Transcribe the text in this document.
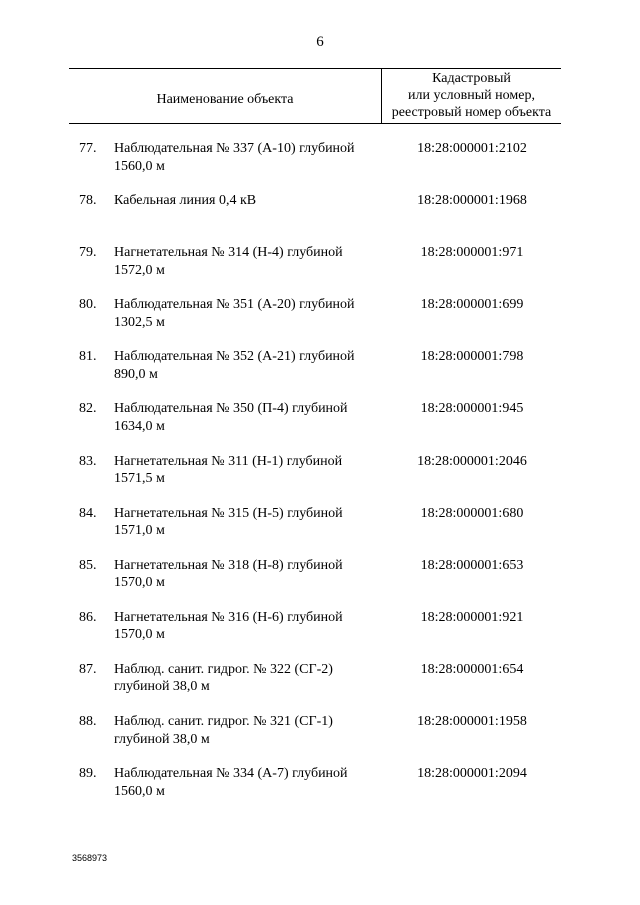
6
Наименование объекта
Кадастровый
или условный номер,
реестровый номер объекта
77. Наблюдательная № 337 (А-10) глубиной 1560,0 м
18:28:000001:2102
78. Кабельная линия 0,4 кВ	18:28:000001:1968
79. Нагнетательная № 314 (Н-4) глубиной 1572,0 м
18:28:000001:971
80. Наблюдательная № 351 (А-20) глубиной 1302,5 м
18:28:000001:699
81. Наблюдательная № 352 (А-21) глубиной 890,0 м
18:28:000001:798
82. Наблюдательная № 350 (П-4) глубиной 1634,0 м
18:28:000001:945
83. Нагнетательная № 311 (Н-1) глубиной 1571,5 м
18:28:000001:2046
84. Нагнетательная № 315 (Н-5) глубиной 1571,0 м
18:28:000001:680
85. Нагнетательная № 318 (Н-8) глубиной 1570,0 м
18:28:000001:653
86. Нагнетательная № 316 (Н-6) глубиной 1570,0 м
18:28:000001:921
87. Наблюд. санит. гидрог. № 322 (СГ-2) глубиной 38,0 м
18:28:000001:654
88. Наблюд. санит. гидрог. № 321 (СГ-1) глубиной 38,0 м
18:28:000001:1958
89. Наблюдательная № 334 (А-7) глубиной 1560,0 м
18:28:000001:2094
3568973
